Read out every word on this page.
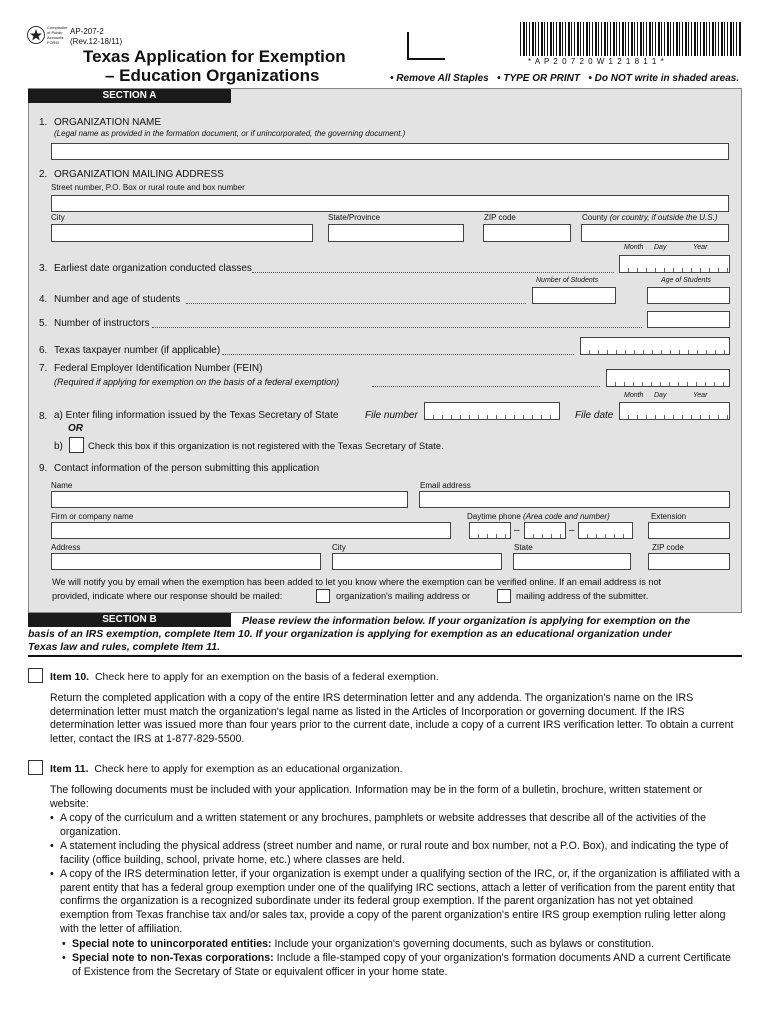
Comptroller
of Public
Accounts
FORM
AP-207-2
(Rev.12-18/11)
Texas Application for Exemption
– Education Organizations
* A P 2 0 7 2 0 W 1 2 1 8 1 1 *
• Remove All Staples   • TYPE OR PRINT   • Do NOT write in shaded areas.
SECTION A
1. ORGANIZATION NAME
(Legal name as provided in the formation document, or if unincorporated, the governing document.)
2. ORGANIZATION MAILING ADDRESS
Street number, P.O. Box or rural route and box number
City	State/Province	ZIP code	County (or country, if outside the U.S.)
Month Day	Year
3. Earliest date organization conducted classes
Number of Students	Age of Students
4. Number and age of students
5. Number of instructors
6. Texas taxpayer number (if applicable)
7. Federal Employer Identification Number (FEIN)
(Required if applying for exemption on the basis of a federal exemption)
Month Day	Year
8. a) Enter filing information issued by the Texas Secretary of State	File number	File date
OR
b)	Check this box if this organization is not registered with the Texas Secretary of State.
9. Contact information of the person submitting this application
Name	Email address
Firm or company name	Daytime phone (Area code and number)	Extension
–	–
Address	City	State	ZIP code
We will notify you by email when the exemption has been added to let you know where the exemption can be verified online. If an email address is not
provided, indicate where our response should be mailed:	organization's mailing address or	mailing address of the submitter.
SECTION B	Please review the information below. If your organization is applying for exemption on the
basis of an IRS exemption, complete Item 10. If your organization is applying for exemption as an educational organization under
Texas law and rules, complete Item 11.
Item 10. Check here to apply for an exemption on the basis of a federal exemption.
Return the completed application with a copy of the entire IRS determination letter and any addenda. The organization's name on the IRS determination letter must match the organization's legal name as listed in the Articles of Incorporation or governing document. If the IRS determination letter was issued more than four years prior to the current date, include a copy of a current IRS verification letter. To obtain a current letter, contact the IRS at 1-877-829-5500.
Item 11. Check here to apply for exemption as an educational organization.
The following documents must be included with your application. Information may be in the form of a bulletin, brochure, written statement or website:
• A copy of the curriculum and a written statement or any brochures, pamphlets or website addresses that describe all of the activities of the organization.
• A statement including the physical address (street number and name, or rural route and box number, not a P.O. Box), and indicating the type of facility (office building, school, private home, etc.) where classes are held.
• A copy of the IRS determination letter, if your organization is exempt under a qualifying section of the IRC, or, if the organization is affiliated with a parent entity that has a federal group exemption under one of the qualifying IRC sections, attach a letter of verification from the parent entity that confirms the organization is a recognized subordinate under its federal group exemption. If the parent organization has not yet obtained exemption from Texas franchise tax and/or sales tax, provide a copy of the parent organization's entire IRS group exemption ruling letter along with the letter of affiliation.
• Special note to unincorporated entities: Include your organization's governing documents, such as bylaws or constitution.
• Special note to non-Texas corporations: Include a file-stamped copy of your organization's formation documents AND a current Certificate of Existence from the Secretary of State or equivalent officer in your home state.
